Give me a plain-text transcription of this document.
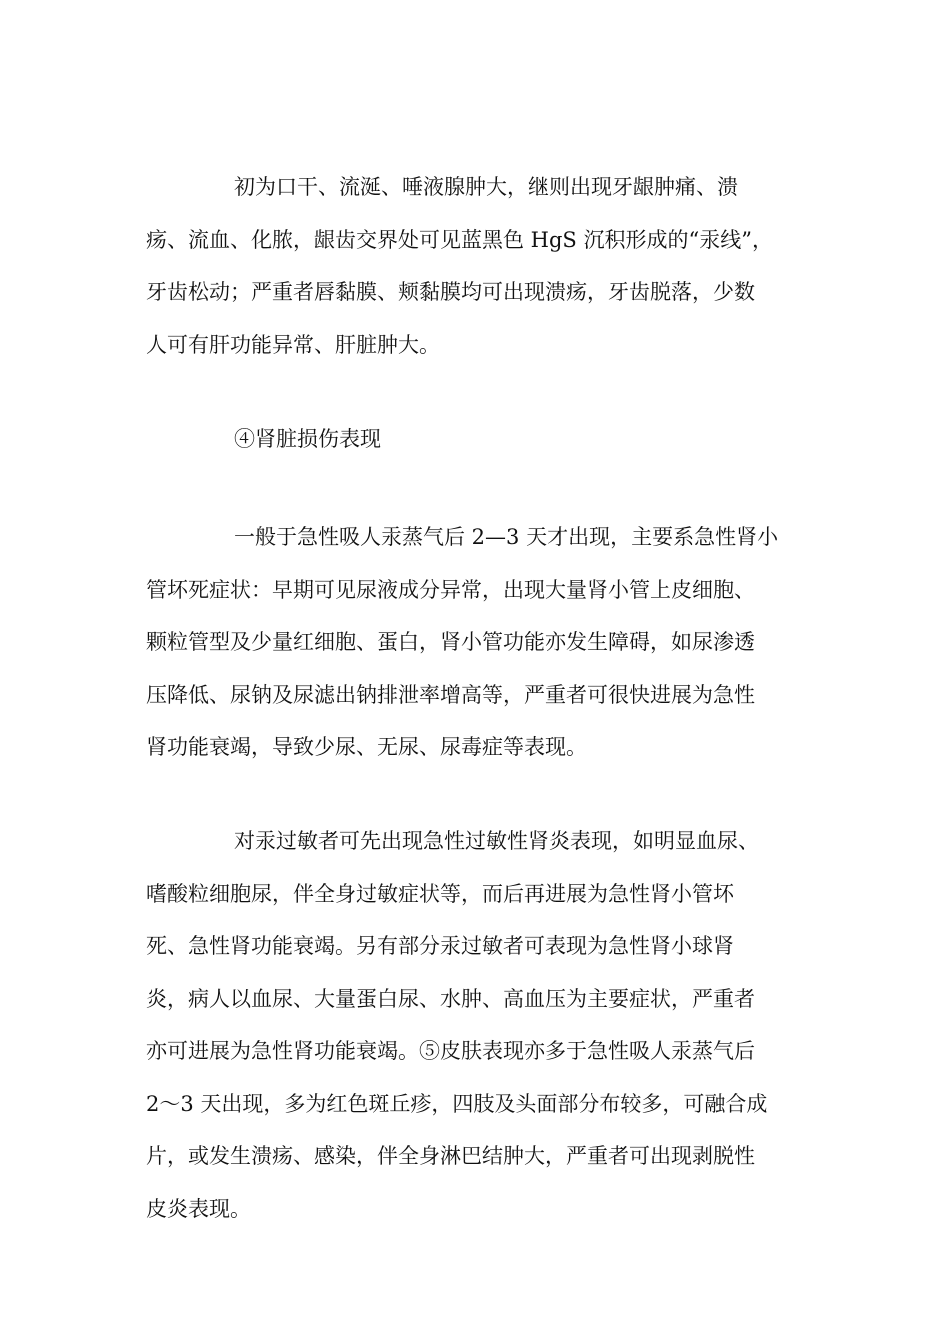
初为口干、流涎、唾液腺肿大，继则出现牙龈肿痛、溃
疡、流血、化脓，龈齿交界处可见蓝黑色 HgS 沉积形成的“汞线”，
牙齿松动；严重者唇黏膜、颊黏膜均可出现溃疡，牙齿脱落，少数
人可有肝功能异常、肝脏肿大。

④肾脏损伤表现

一般于急性吸人汞蒸气后 2—3 天才出现，主要系急性肾小
管坏死症状：早期可见尿液成分异常，出现大量肾小管上皮细胞、
颗粒管型及少量红细胞、蛋白，肾小管功能亦发生障碍，如尿渗透
压降低、尿钠及尿滤出钠排泄率增高等，严重者可很快进展为急性
肾功能衰竭，导致少尿、无尿、尿毒症等表现。

对汞过敏者可先出现急性过敏性肾炎表现，如明显血尿、
嗜酸粒细胞尿，伴全身过敏症状等，而后再进展为急性肾小管坏
死、急性肾功能衰竭。另有部分汞过敏者可表现为急性肾小球肾
炎，病人以血尿、大量蛋白尿、水肿、高血压为主要症状，严重者
亦可进展为急性肾功能衰竭。⑤皮肤表现亦多于急性吸人汞蒸气后
2～3 天出现，多为红色斑丘疹，四肢及头面部分布较多，可融合成
片，或发生溃疡、感染，伴全身淋巴结肿大，严重者可出现剥脱性
皮炎表现。
